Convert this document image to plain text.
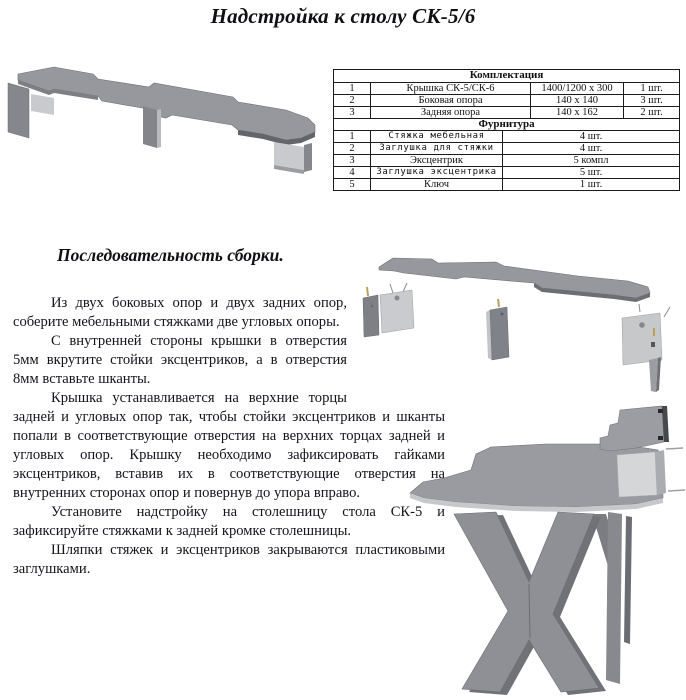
Надстройка к столу СК-5/6
Комплектация				
1	Крышка СК-5/СК-6		1400/1200 x 300	1 шт.
2	Боковая опора		140 x 140	3 шт.
3	Задняя опора		140 x 162	2 шт.
Фурнитура				
1	Стяжка мебельная	4 шт.		
2	Заглушка для стяжки	4 шт.		
3	Эксцентрик	5 компл		
4	Заглушка эксцентрика	5 шт.		
5	Ключ	1 шт.		
Последовательность сборки.

Из двух боковых опор и двух задних опор, соберите мебельными стяжками две угловых опоры.

С внутренней стороны крышки в отверстия 5мм вкрутите стойки эксцентриков, а в отверстия 8мм вставьте шканты.

Крышка устанавливается на верхние торцы задней и угловых опор так, чтобы стойки эксцентриков и шканты попали в соответствующие отверстия на верхних торцах задней и угловых опор. Крышку необходимо зафиксировать гайками эксцентриков, вставив их в соответствующие отверстия на внутренних сторонах опор и повернув до упора вправо.

Установите надстройку на столешницу стола СК-5 и зафиксируйте стяжками к задней кромке столешницы.

Шляпки стяжек и эксцентриков закрываются пластиковыми заглушками.
